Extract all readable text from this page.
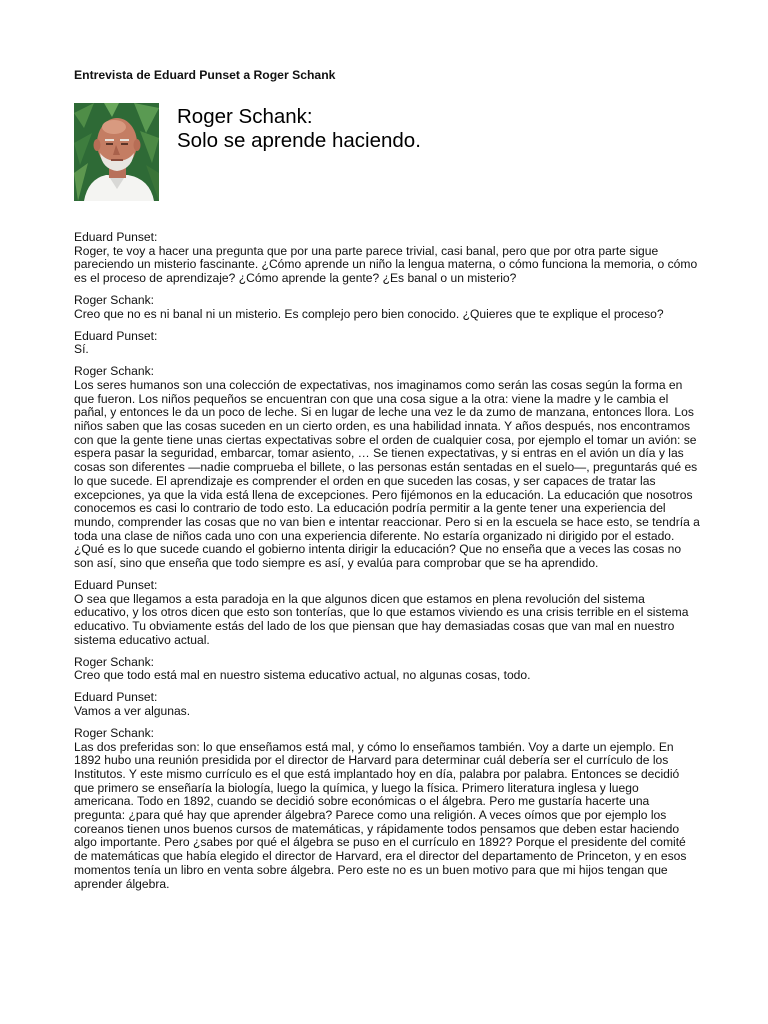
Entrevista de Eduard Punset a Roger Schank
Roger Schank:
Solo se aprende haciendo.
Eduard Punset:
Roger, te voy a hacer una pregunta que por una parte parece trivial, casi banal, pero que por otra parte sigue pareciendo un misterio fascinante. ¿Cómo aprende un niño la lengua materna, o cómo funciona la memoria, o cómo es el proceso de aprendizaje? ¿Cómo aprende la gente? ¿Es banal o un misterio?
Roger Schank:
Creo que no es ni banal ni un misterio. Es complejo pero bien conocido. ¿Quieres que te explique el proceso?
Eduard Punset:
Sí.
Roger Schank:
Los seres humanos son una colección de expectativas, nos imaginamos como serán las cosas según la forma en que fueron. Los niños pequeños se encuentran con que una cosa sigue a la otra: viene la madre y le cambia el pañal, y entonces le da un poco de leche. Si en lugar de leche una vez le da zumo de manzana, entonces llora. Los niños saben que las cosas suceden en un cierto orden, es una habilidad innata. Y años después, nos encontramos con que la gente tiene unas ciertas expectativas sobre el orden de cualquier cosa, por ejemplo el tomar un avión: se espera pasar la seguridad, embarcar, tomar asiento, … Se tienen expectativas, y si entras en el avión un día y las cosas son diferentes —nadie comprueba el billete, o las personas están sentadas en el suelo—, preguntarás qué es lo que sucede. El aprendizaje es comprender el orden en que suceden las cosas, y ser capaces de tratar las excepciones, ya que la vida está llena de excepciones. Pero fijémonos en la educación. La educación que nosotros conocemos es casi lo contrario de todo esto. La educación podría permitir a la gente tener una experiencia del mundo, comprender las cosas que no van bien e intentar reaccionar. Pero si en la escuela se hace esto, se tendría a toda una clase de niños cada uno con una experiencia diferente. No estaría organizado ni dirigido por el estado. ¿Qué es lo que sucede cuando el gobierno intenta dirigir la educación? Que no enseña que a veces las cosas no son así, sino que enseña que todo siempre es así, y evalúa para comprobar que se ha aprendido.
Eduard Punset:
O sea que llegamos a esta paradoja en la que algunos dicen que estamos en plena revolución del sistema educativo, y los otros dicen que esto son tonterías, que lo que estamos viviendo es una crisis terrible en el sistema educativo. Tu obviamente estás del lado de los que piensan que hay demasiadas cosas que van mal en nuestro sistema educativo actual.
Roger Schank:
Creo que todo está mal en nuestro sistema educativo actual, no algunas cosas, todo.
Eduard Punset:
Vamos a ver algunas.
Roger Schank:
Las dos preferidas son: lo que enseñamos está mal, y cómo lo enseñamos también. Voy a darte un ejemplo. En 1892 hubo una reunión presidida por el director de Harvard para determinar cuál debería ser el currículo de los Institutos. Y este mismo currículo es el que está implantado hoy en día, palabra por palabra. Entonces se decidió que primero se enseñaría la biología, luego la química, y luego la física. Primero literatura inglesa y luego americana. Todo en 1892, cuando se decidió sobre económicas o el álgebra. Pero me gustaría hacerte una pregunta: ¿para qué hay que aprender álgebra? Parece como una religión. A veces oímos que por ejemplo los coreanos tienen unos buenos cursos de matemáticas, y rápidamente todos pensamos que deben estar haciendo algo importante. Pero ¿sabes por qué el álgebra se puso en el currículo en 1892? Porque el presidente del comité de matemáticas que había elegido el director de Harvard, era el director del departamento de Princeton, y en esos momentos tenía un libro en venta sobre álgebra. Pero este no es un buen motivo para que mi hijos tengan que aprender álgebra.
